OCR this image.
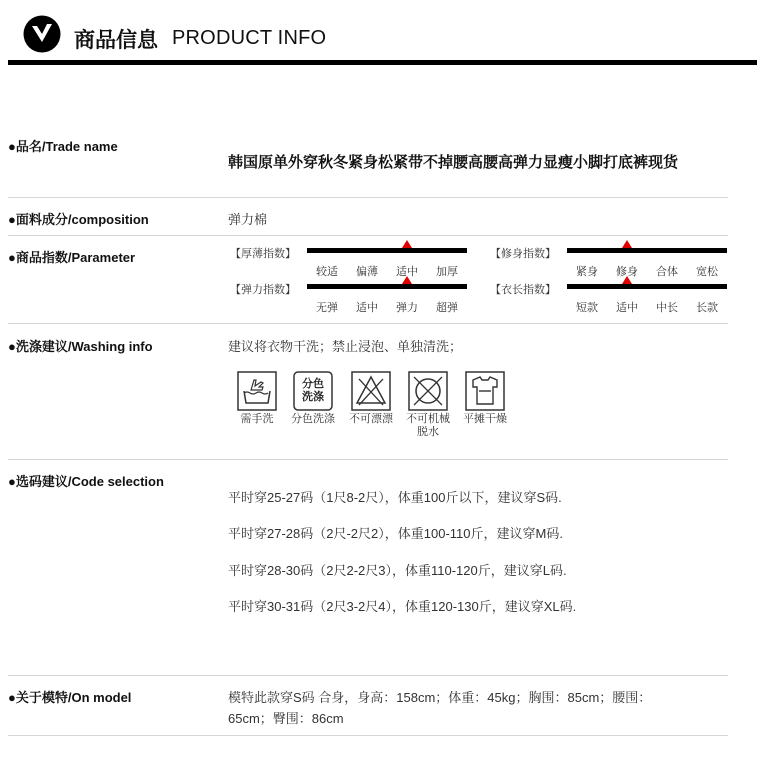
商品信息 PRODUCT INFO
●品名/Trade name
韩国原单外穿秋冬紧身松紧带不掉腰高腰高弹力显瘦小脚打底裤现货
●面料成分/composition	弹力棉
●商品指数/Parameter	【厚薄指数】
较适	偏薄	适中	加厚
【修身指数】
紧身	修身	合体	宽松
【弹力指数】
无弹	适中	弹力	超弹
【衣长指数】
短款	适中	中长	长款
●洗涤建议/Washing info	建议将衣物干洗；禁止浸泡、单独清洗；
需手洗
分色
洗涤
分色洗涤	不可漂漂	不可机械
脱水
平摊干燥
●选码建议/Code selection
平时穿25-27码（1尺8-2尺），体重100斤以下，建议穿S码.
平时穿27-28码（2尺-2尺2），体重100-110斤，建议穿M码.
平时穿28-30码（2尺2-2尺3），体重110-120斤，建议穿L码.
平时穿30-31码（2尺3-2尺4），体重120-130斤，建议穿XL码.
●关于模特/On model	模特此款穿S码 合身，身高：158cm；体重：45kg；胸围：85cm；腰围：
65cm；臀围：86cm
